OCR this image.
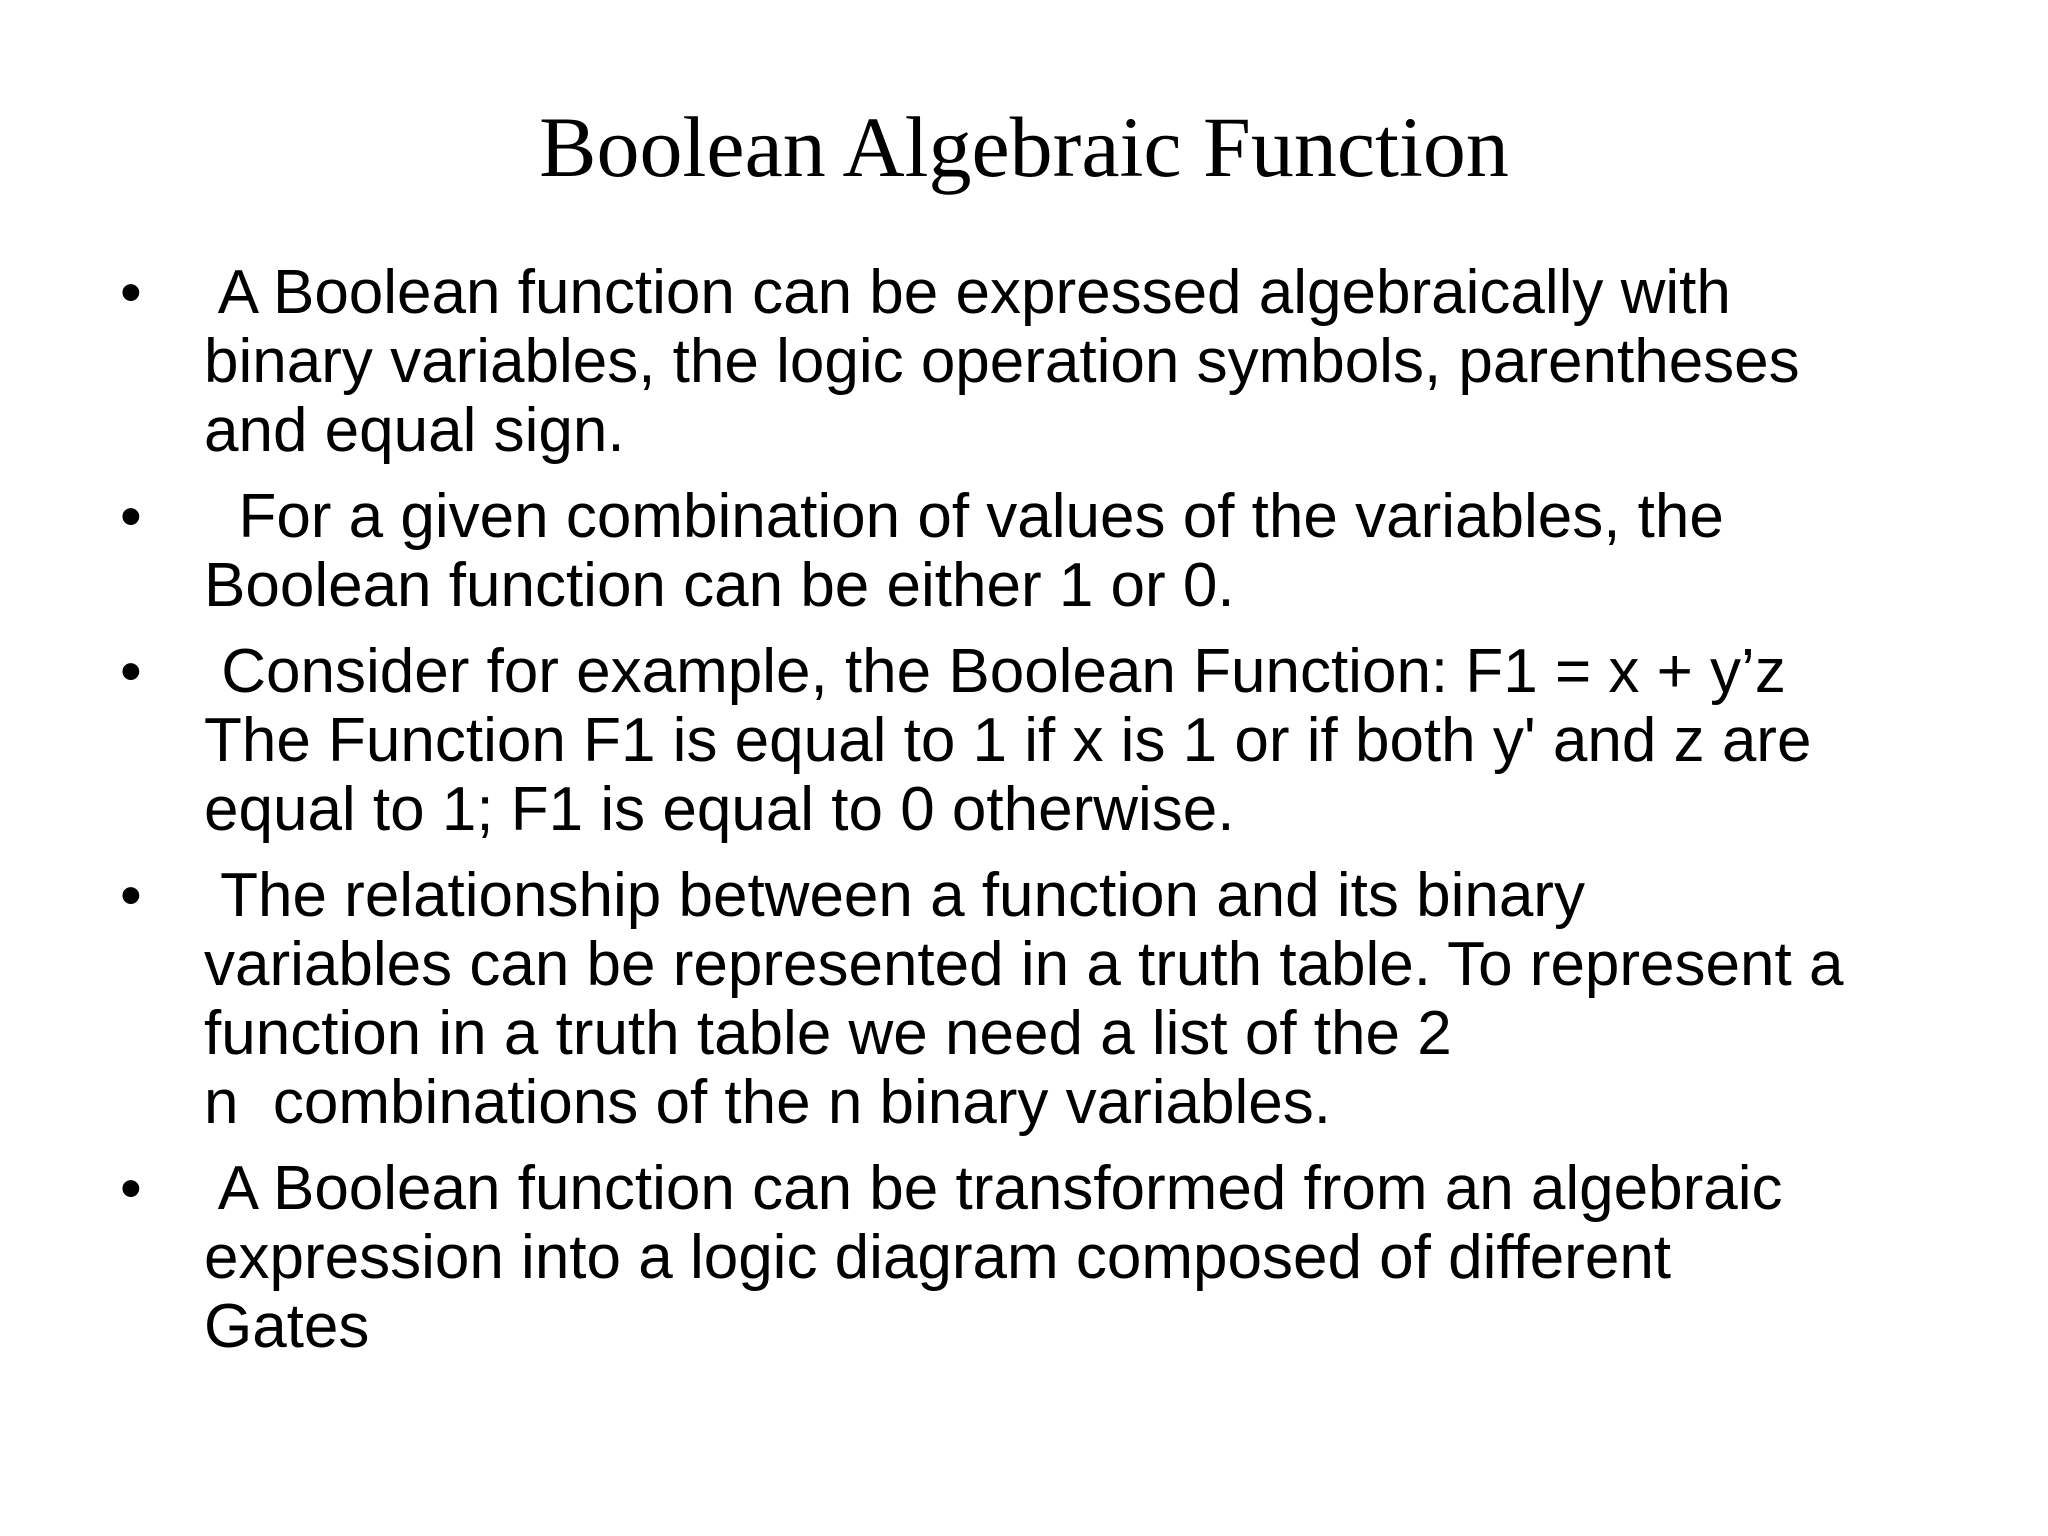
Boolean Algebraic Function
•	A Boolean function can be expressed algebraically with
binary variables, the logic operation symbols, parentheses
and equal sign.
•	For a given combination of values of the variables, the
Boolean function can be either 1 or 0.
•	Consider for example, the Boolean Function: F1 = x + y’z
The Function F1 is equal to 1 if x is 1 or if both y' and z are
equal to 1; F1 is equal to 0 otherwise.
•	The relationship between a function and its binary
variables can be represented in a truth table. To represent a
function in a truth table we need a list of the 2
n  combinations of the n binary variables.
•	A Boolean function can be transformed from an algebraic
expression into a logic diagram composed of different
Gates
